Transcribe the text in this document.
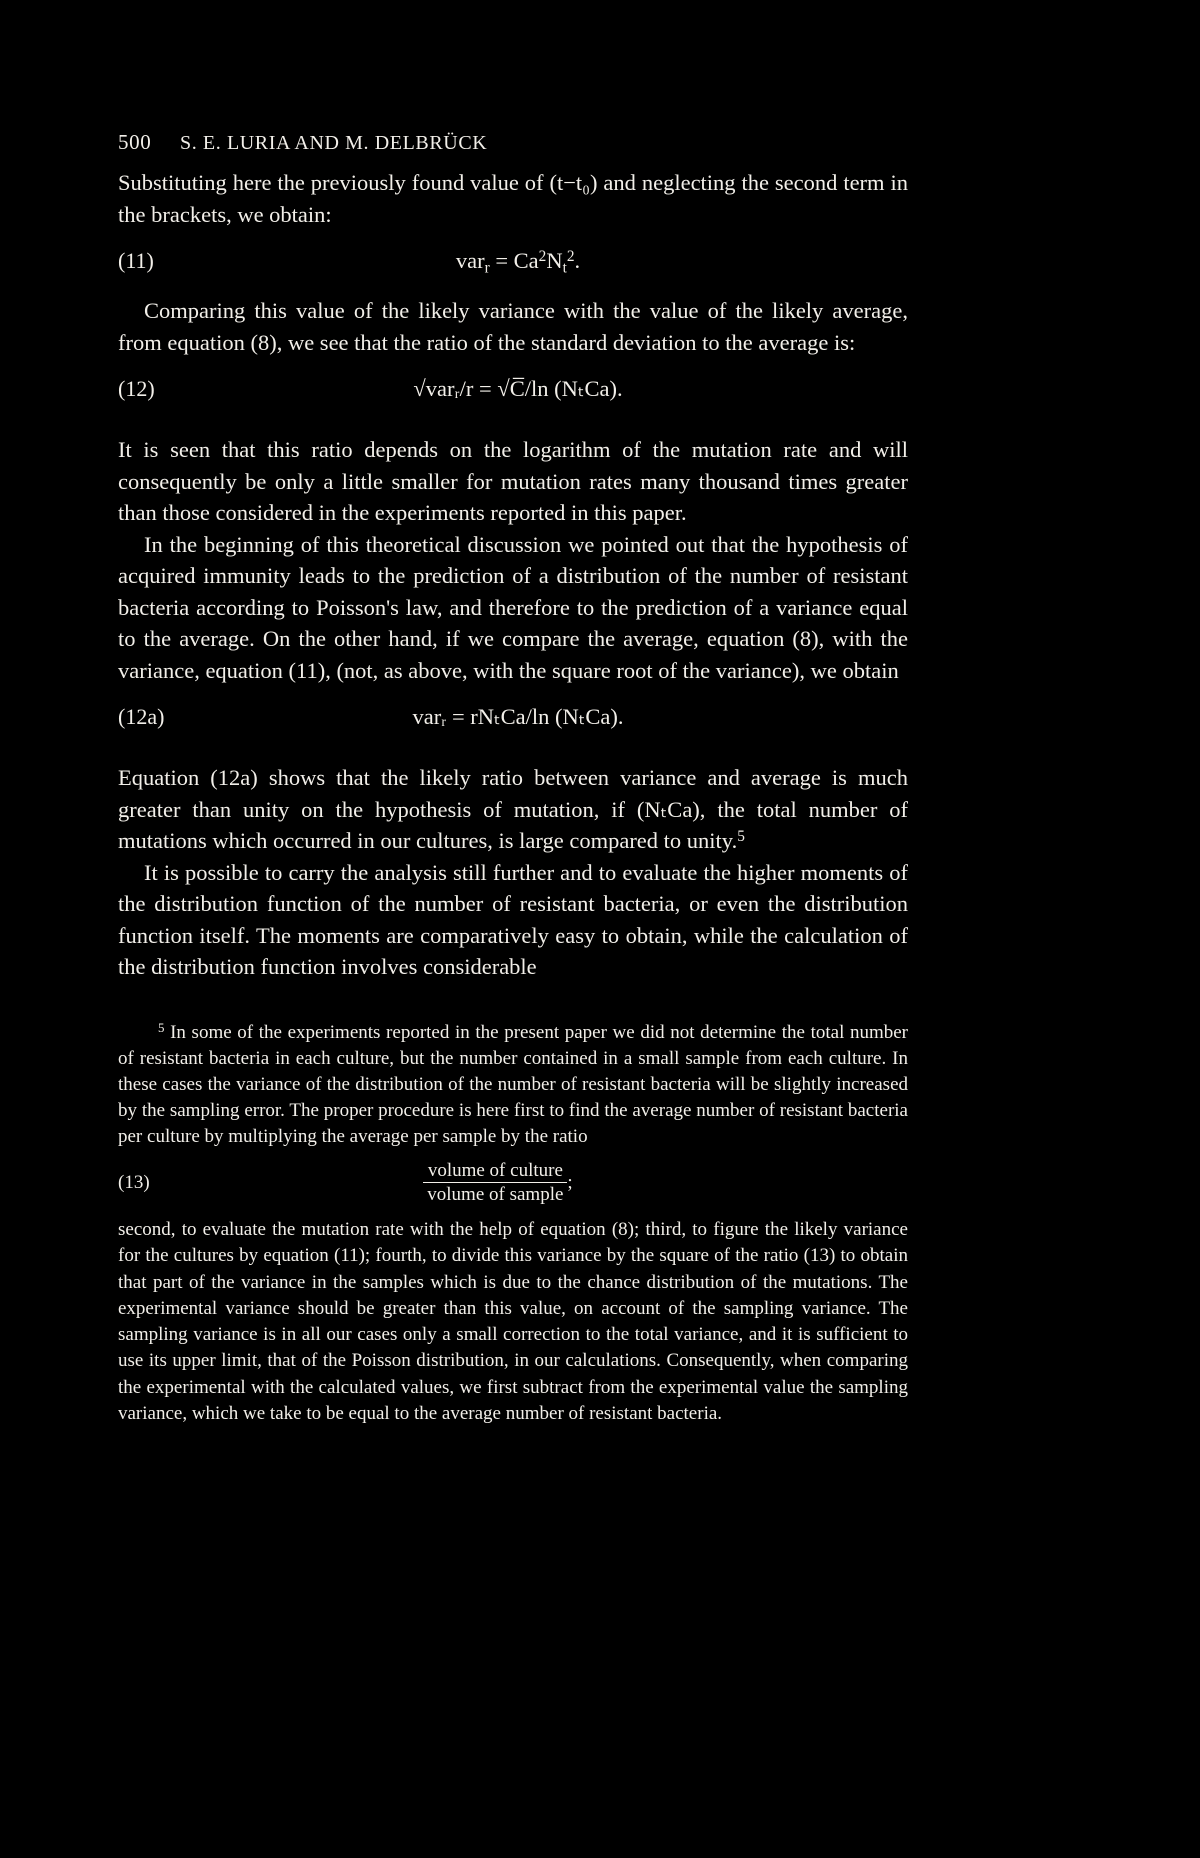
500	S. E. LURIA AND M. DELBRÜCK

Substituting here the previously found value of (t−t₀) and neglecting the second term in the brackets, we obtain:

(11)	$var_r = Ca^2N_t^2$.

Comparing this value of the likely variance with the value of the likely average, from equation (8), we see that the ratio of the standard deviation to the average is:

(12)	√varᵣ/r = √C̅/ln (NₜCa).

It is seen that this ratio depends on the logarithm of the mutation rate and will consequently be only a little smaller for mutation rates many thousand times greater than those considered in the experiments reported in this paper.

In the beginning of this theoretical discussion we pointed out that the hypothesis of acquired immunity leads to the prediction of a distribution of the number of resistant bacteria according to Poisson's law, and therefore to the prediction of a variance equal to the average. On the other hand, if we compare the average, equation (8), with the variance, equation (11), (not, as above, with the square root of the variance), we obtain

(12a)	varᵣ = rNₜCa/ln (NₜCa).

Equation (12a) shows that the likely ratio between variance and average is much greater than unity on the hypothesis of mutation, if (NₜCa), the total number of mutations which occurred in our cultures, is large compared to unity.$^5$

It is possible to carry the analysis still further and to evaluate the higher moments of the distribution function of the number of resistant bacteria, or even the distribution function itself. The moments are comparatively easy to obtain, while the calculation of the distribution function involves considerable

$^5$ In some of the experiments reported in the present paper we did not determine the total number of resistant bacteria in each culture, but the number contained in a small sample from each culture. In these cases the variance of the distribution of the number of resistant bacteria will be slightly increased by the sampling error. The proper procedure is here first to find the average number of resistant bacteria per culture by multiplying the average per sample by the ratio

(13)	$\frac{\text{volume of culture}}{\text{volume of sample}}$ ;

second, to evaluate the mutation rate with the help of equation (8); third, to figure the likely variance for the cultures by equation (11); fourth, to divide this variance by the square of the ratio (13) to obtain that part of the variance in the samples which is due to the chance distribution of the mutations. The experimental variance should be greater than this value, on account of the sampling variance. The sampling variance is in all our cases only a small correction to the total variance, and it is sufficient to use its upper limit, that of the Poisson distribution, in our calculations. Consequently, when comparing the experimental with the calculated values, we first subtract from the experimental value the sampling variance, which we take to be equal to the average number of resistant bacteria.
